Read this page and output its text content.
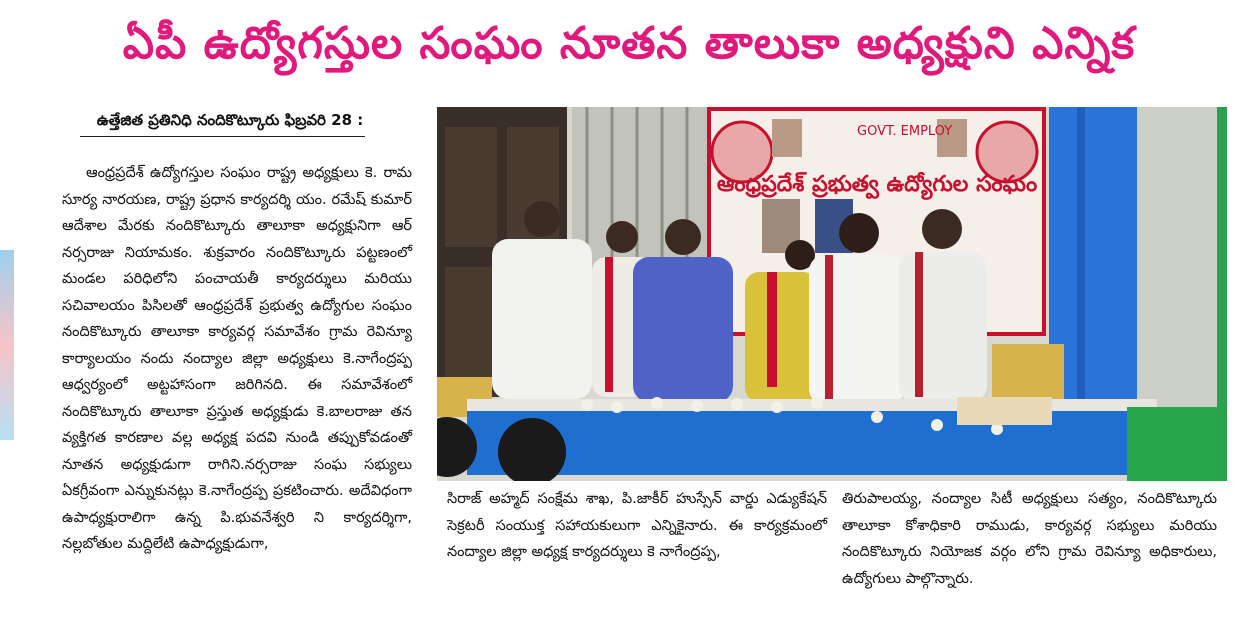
ఏపీ ఉద్యోగస్తుల సంఘం నూతన తాలుకా అధ్యక్షుని ఎన్నిక
ఉత్తేజిత ప్రతినిధి నందికొట్కూరు ఫిబ్రవరి 28 :

ఆంధ్రప్రదేశ్ ఉద్యోగస్తుల సంఘం రాష్ట్ర అధ్యక్షులు కె. రామ సూర్య నారయణ, రాష్ట్ర ప్రధాన కార్యదర్శి యం. రమేష్ కుమార్ ఆదేశాల మేరకు నందికొట్కూరు తాలూకా అధ్యక్షునిగా ఆర్ నర్సరాజు నియామకం. శుక్రవారం నందికొట్కూరు పట్టణంలో మండల పరిధిలోని పంచాయతీ కార్యదర్శులు మరియు సచివాలయం పిసిలతో ఆంధ్రప్రదేశ్ ప్రభుత్వ ఉద్యోగుల సంఘం నందికొట్కూరు తాలూకా కార్యవర్గ సమావేశం గ్రామ రెవిన్యూ కార్యాలయం నందు నంద్యాల జిల్లా అధ్యక్షులు కె.నాగేంద్రప్ప ఆధ్వర్యంలో అట్టహాసంగా జరిగినది. ఈ సమావేశంలో నందికొట్కూరు తాలూకా ప్రస్తుత అధ్యక్షుడు కె.బాలరాజు తన వ్యక్తిగత కారణాల వల్ల అధ్యక్ష పదవి నుండి తప్పుకోవడంతో నూతన అధ్యక్షుడుగా రాగిని.నర్సరాజు సంఘ సభ్యులు ఏకగ్రీవంగా ఎన్నుకునట్లు కె.నాగేంద్రప్ప ప్రకటించారు. అదేవిధంగా ఉపాధ్యక్షురాలిగా ఉన్న పి.భువనేశ్వరి ని కార్యదర్శిగా, నల్లబోతుల మద్దిలేటి ఉపాధ్యక్షుడుగా,

GOVT. EMPLOY
ఆంధ్రప్రదేశ్ ప్రభుత్వ ఉద్యోగుల సంఘం

సిరాజ్ అహ్మద్ సంక్షేమ శాఖ, పి.జాకీర్ హుస్సేన్ వార్డు ఎడ్యుకేషన్ సెక్రటరీ సంయుక్త సహాయకులుగా ఎన్నికైనారు. ఈ కార్యక్రమంలో నంద్యాల జిల్లా అధ్యక్ష కార్యదర్శులు కె నాగేంద్రప్ప,

తిరుపాలయ్య, నంద్యాల సిటీ అధ్యక్షులు సత్యం, నందికొట్కూరు తాలూకా కోశాధికారి రాముడు, కార్యవర్గ సభ్యులు మరియు నందికొట్కూరు నియోజక వర్గం లోని గ్రామ రెవిన్యూ అధికారులు, ఉద్యోగులు పాల్గొన్నారు.
